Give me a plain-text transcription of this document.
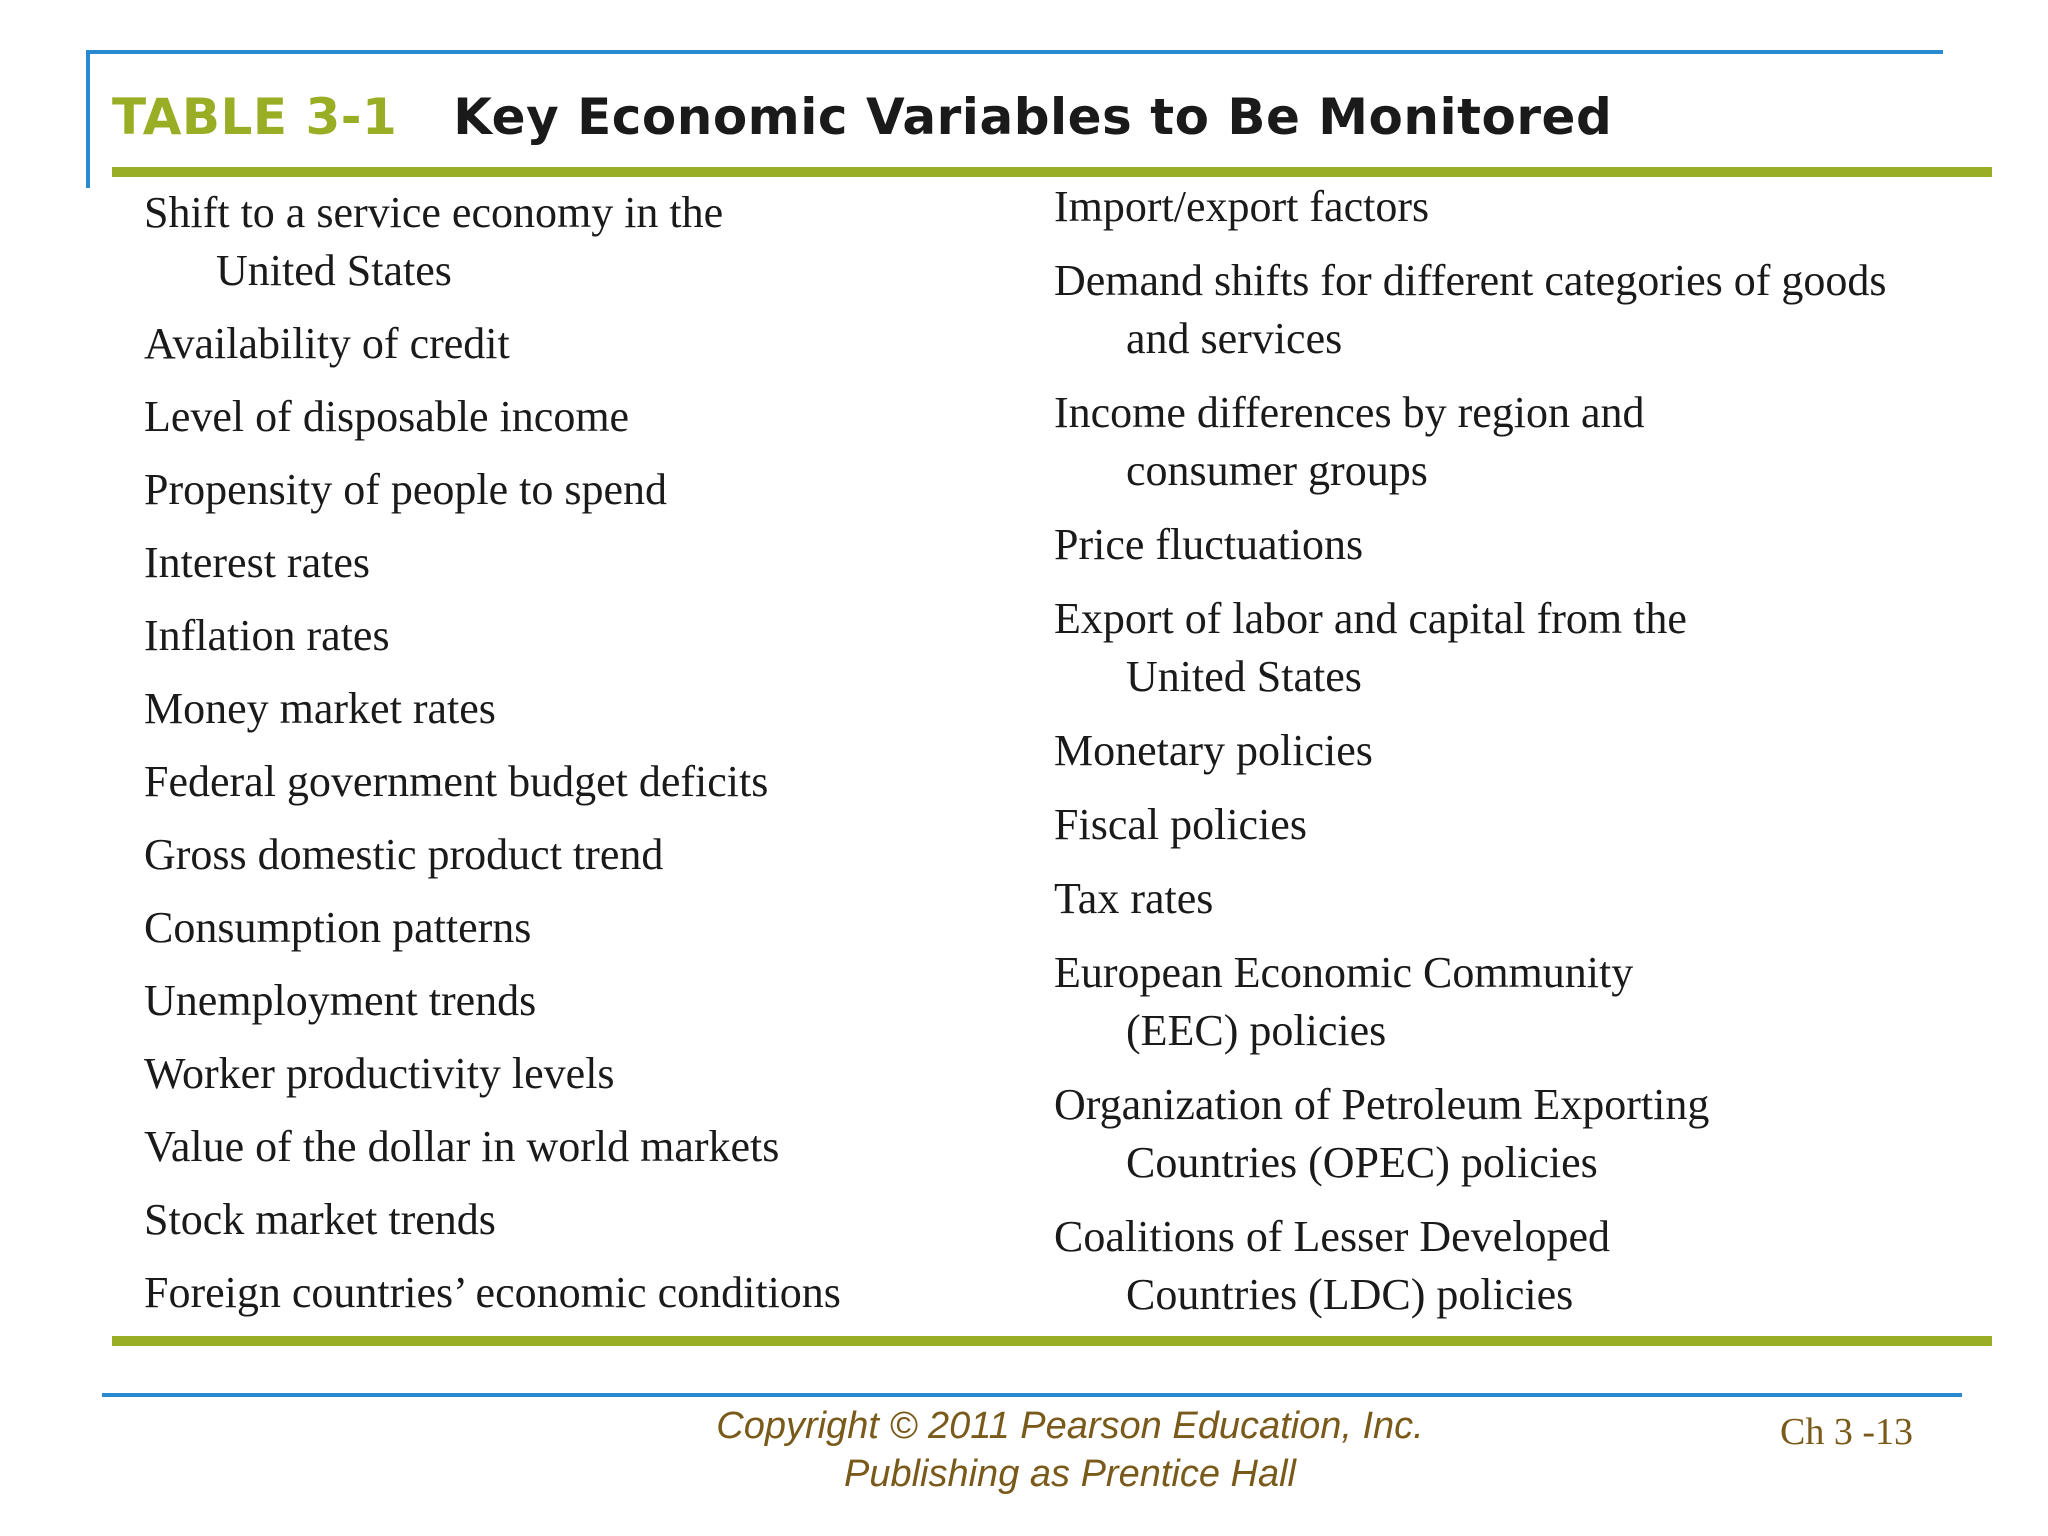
TABLE 3-1 Key Economic Variables to Be Monitored
Shift to a service economy in the
United States
Availability of credit
Level of disposable income
Propensity of people to spend
Interest rates
Inflation rates
Money market rates
Federal government budget deficits
Gross domestic product trend
Consumption patterns
Unemployment trends
Worker productivity levels
Value of the dollar in world markets
Stock market trends
Foreign countries’ economic conditions
Import/export factors
Demand shifts for different categories of goods
and services
Income differences by region and
consumer groups
Price fluctuations
Export of labor and capital from the
United States
Monetary policies
Fiscal policies
Tax rates
European Economic Community
(EEC) policies
Organization of Petroleum Exporting
Countries (OPEC) policies
Coalitions of Lesser Developed
Countries (LDC) policies
Copyright © 2011 Pearson Education, Inc.
Publishing as Prentice Hall
Ch 3 -13
